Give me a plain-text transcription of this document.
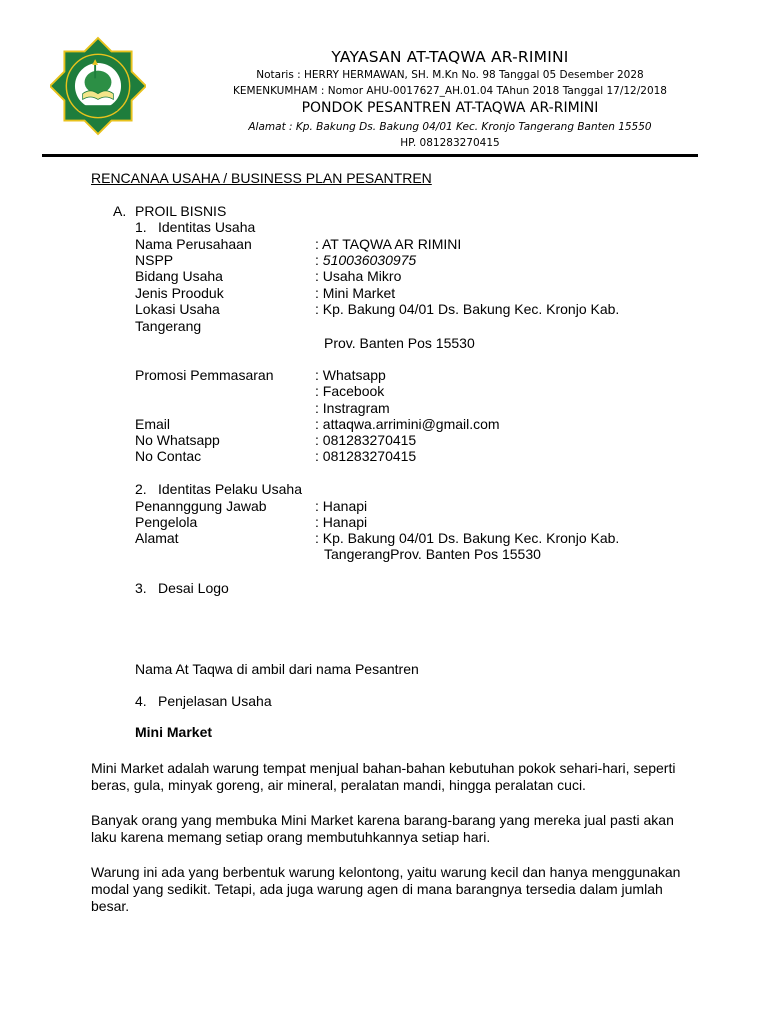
YAYASAN AT-TAQWA AR-RIMINI
Notaris : HERRY HERMAWAN, SH. M.Kn No. 98 Tanggal 05 Desember 2028
KEMENKUMHAM : Nomor AHU-0017627_AH.01.04 TAhun 2018 Tanggal 17/12/2018
PONDOK PESANTREN AT-TAQWA AR-RIMINI
Alamat : Kp. Bakung Ds. Bakung 04/01 Kec. Kronjo Tangerang Banten 15550
HP. 081283270415
RENCANAA USAHA / BUSINESS PLAN PESANTREN
A. PROIL BISNIS
1. Identitas Usaha
Nama Perusahaan	: AT TAQWA AR RIMINI
NSPP	: 510036030975
Bidang Usaha	: Usaha Mikro
Jenis Prooduk	: Mini Market
Lokasi Usaha	: Kp. Bakung 04/01 Ds. Bakung Kec. Kronjo Kab.
Tangerang
Prov. Banten Pos 15530
Promosi Pemmasaran	: Whatsapp
: Facebook
: Instragram
Email	: attaqwa.arrimini@gmail.com
No Whatsapp	: 081283270415
No Contac	: 081283270415
2. Identitas Pelaku Usaha
Penannggung Jawab	: Hanapi
Pengelola	: Hanapi
Alamat	: Kp. Bakung 04/01 Ds. Bakung Kec. Kronjo Kab.
TangerangProv. Banten Pos 15530
3. Desai Logo
Nama At Taqwa di ambil dari nama Pesantren
4. Penjelasan Usaha
Mini Market
Mini Market adalah warung tempat menjual bahan-bahan kebutuhan pokok sehari-hari, seperti beras, gula, minyak goreng, air mineral, peralatan mandi, hingga peralatan cuci.
Banyak orang yang membuka Mini Market karena barang-barang yang mereka jual pasti akan laku karena memang setiap orang membutuhkannya setiap hari.
Warung ini ada yang berbentuk warung kelontong, yaitu warung kecil dan hanya menggunakan modal yang sedikit. Tetapi, ada juga warung agen di mana barangnya tersedia dalam jumlah besar.
